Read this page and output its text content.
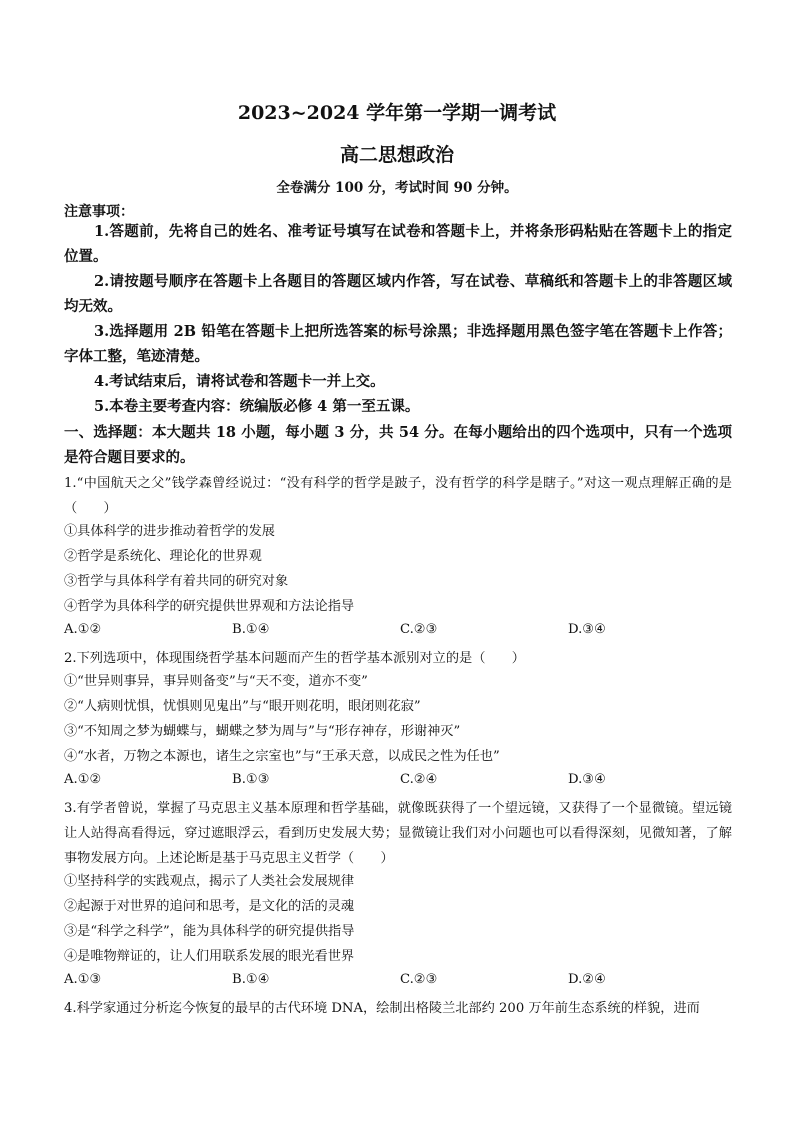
2023~2024 学年第一学期一调考试
高二思想政治
全卷满分 100 分，考试时间 90 分钟。
注意事项：
1.答题前，先将自己的姓名、准考证号填写在试卷和答题卡上，并将条形码粘贴在答题卡上的指定位置。
2.请按题号顺序在答题卡上各题目的答题区域内作答，写在试卷、草稿纸和答题卡上的非答题区域均无效。
3.选择题用 2B 铅笔在答题卡上把所选答案的标号涂黑；非选择题用黑色签字笔在答题卡上作答；字体工整，笔迹清楚。
4.考试结束后，请将试卷和答题卡一并上交。
5.本卷主要考查内容：统编版必修 4 第一至五课。
一、选择题：本大题共 18 小题，每小题 3 分，共 54 分。在每小题给出的四个选项中，只有一个选项是符合题目要求的。
1.“中国航天之父”钱学森曾经说过：“没有科学的哲学是跛子，没有哲学的科学是瞎子。”对这一观点理解正确的是（　　）
①具体科学的进步推动着哲学的发展
②哲学是系统化、理论化的世界观
③哲学与具体科学有着共同的研究对象
④哲学为具体科学的研究提供世界观和方法论指导
A.①②	B.①④	C.②③	D.③④
2.下列选项中，体现围绕哲学基本问题而产生的哲学基本派别对立的是（　　）
①“世异则事异，事异则备变”与“天不变，道亦不变”
②“人病则忧惧，忧惧则见鬼出”与“眼开则花明，眼闭则花寂”
③“不知周之梦为蝴蝶与，蝴蝶之梦为周与”与“形存神存，形谢神灭”
④“水者，万物之本源也，诸生之宗室也”与“王承天意，以成民之性为任也”
A.①②	B.①③	C.②④	D.③④
3.有学者曾说，掌握了马克思主义基本原理和哲学基础，就像既获得了一个望远镜，又获得了一个显微镜。望远镜让人站得高看得远，穿过遮眼浮云，看到历史发展大势；显微镜让我们对小问题也可以看得深刻，见微知著，了解事物发展方向。上述论断是基于马克思主义哲学（　　）
①坚持科学的实践观点，揭示了人类社会发展规律
②起源于对世界的追问和思考，是文化的活的灵魂
③是“科学之科学”，能为具体科学的研究提供指导
④是唯物辩证的，让人们用联系发展的眼光看世界
A.①③	B.①④	C.②③	D.②④
4.科学家通过分析迄今恢复的最早的古代环境 DNA，绘制出格陵兰北部约 200 万年前生态系统的样貌，进而
